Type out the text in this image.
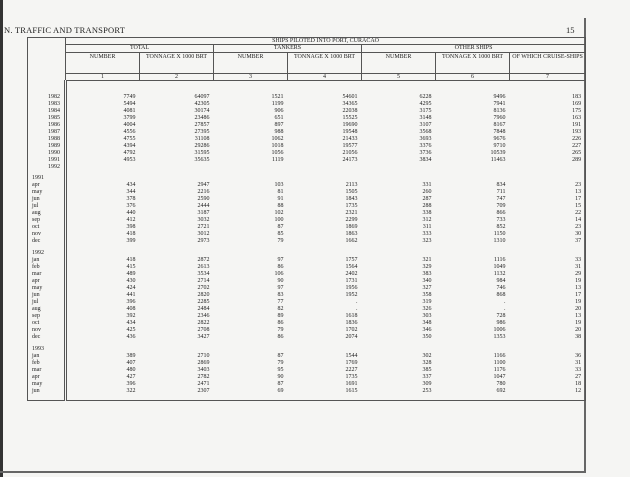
N. TRAFFIC AND TRANSPORT	15
	SHIPS PILOTED INTO PORT, CURACAO						
	TOTAL		TANKERS		OTHER SHIPS		
	NUMBER	TONNAGE X 1000 BRT	NUMBER	TONNAGE X 1000 BRT	NUMBER	TONNAGE X 1000 BRT	OF WHICH CRUISE-SHIPS
	1	2	3	4	5	6	7

1982	7749	64097	1521	54601	6228	9496	183
1983	5494	42305	1199	34365	4295	7941	169
1984	4081	30174	906	22038	3175	8136	175
1985	3799	23486	651	15525	3148	7960	163
1986	4004	27857	897	19690	3107	8167	191
1987	4556	27395	988	19548	3568	7848	193
1988	4755	31108	1062	21433	3693	9676	226
1989	4394	29286	1018	19577	3376	9710	227
1990	4792	31595	1056	21056	3736	10539	265
1991	4953	35635	1119	24173	3834	11463	289
1992							

1991							
apr	434	2947	103	2113	331	834	23
may	344	2216	81	1505	260	711	13
jun	378	2590	91	1843	287	747	17
jul	376	2444	88	1735	288	709	15
aug	440	3187	102	2321	338	866	22
sep	412	3032	100	2299	312	733	14
oct	398	2721	87	1869	311	852	23
nov	418	3012	85	1863	333	1150	30
dec	399	2973	79	1662	323	1310	37

1992							
jan	418	2872	97	1757	321	1116	33
feb	415	2613	86	1564	329	1049	31
mar	489	3534	106	2402	383	1132	29
apr	430	2714	90	1731	340	984	19
may	424	2702	97	1956	327	746	13
jun	441	2820	83	1952	358	868	17
jul	396	2285	77	.	319	.	19
aug	408	2484	82	.	326	.	20
sep	392	2346	89	1618	303	728	13
oct	434	2822	86	1836	348	986	19
nov	425	2708	79	1702	346	1006	20
dec	436	3427	86	2074	350	1353	38

1993							
jan	389	2710	87	1544	302	1166	36
feb	407	2869	79	1769	328	1100	31
mar	480	3403	95	2227	385	1176	33
apr	427	2782	90	1735	337	1047	27
may	396	2471	87	1691	309	780	18
jun	322	2307	69	1615	253	692	12
